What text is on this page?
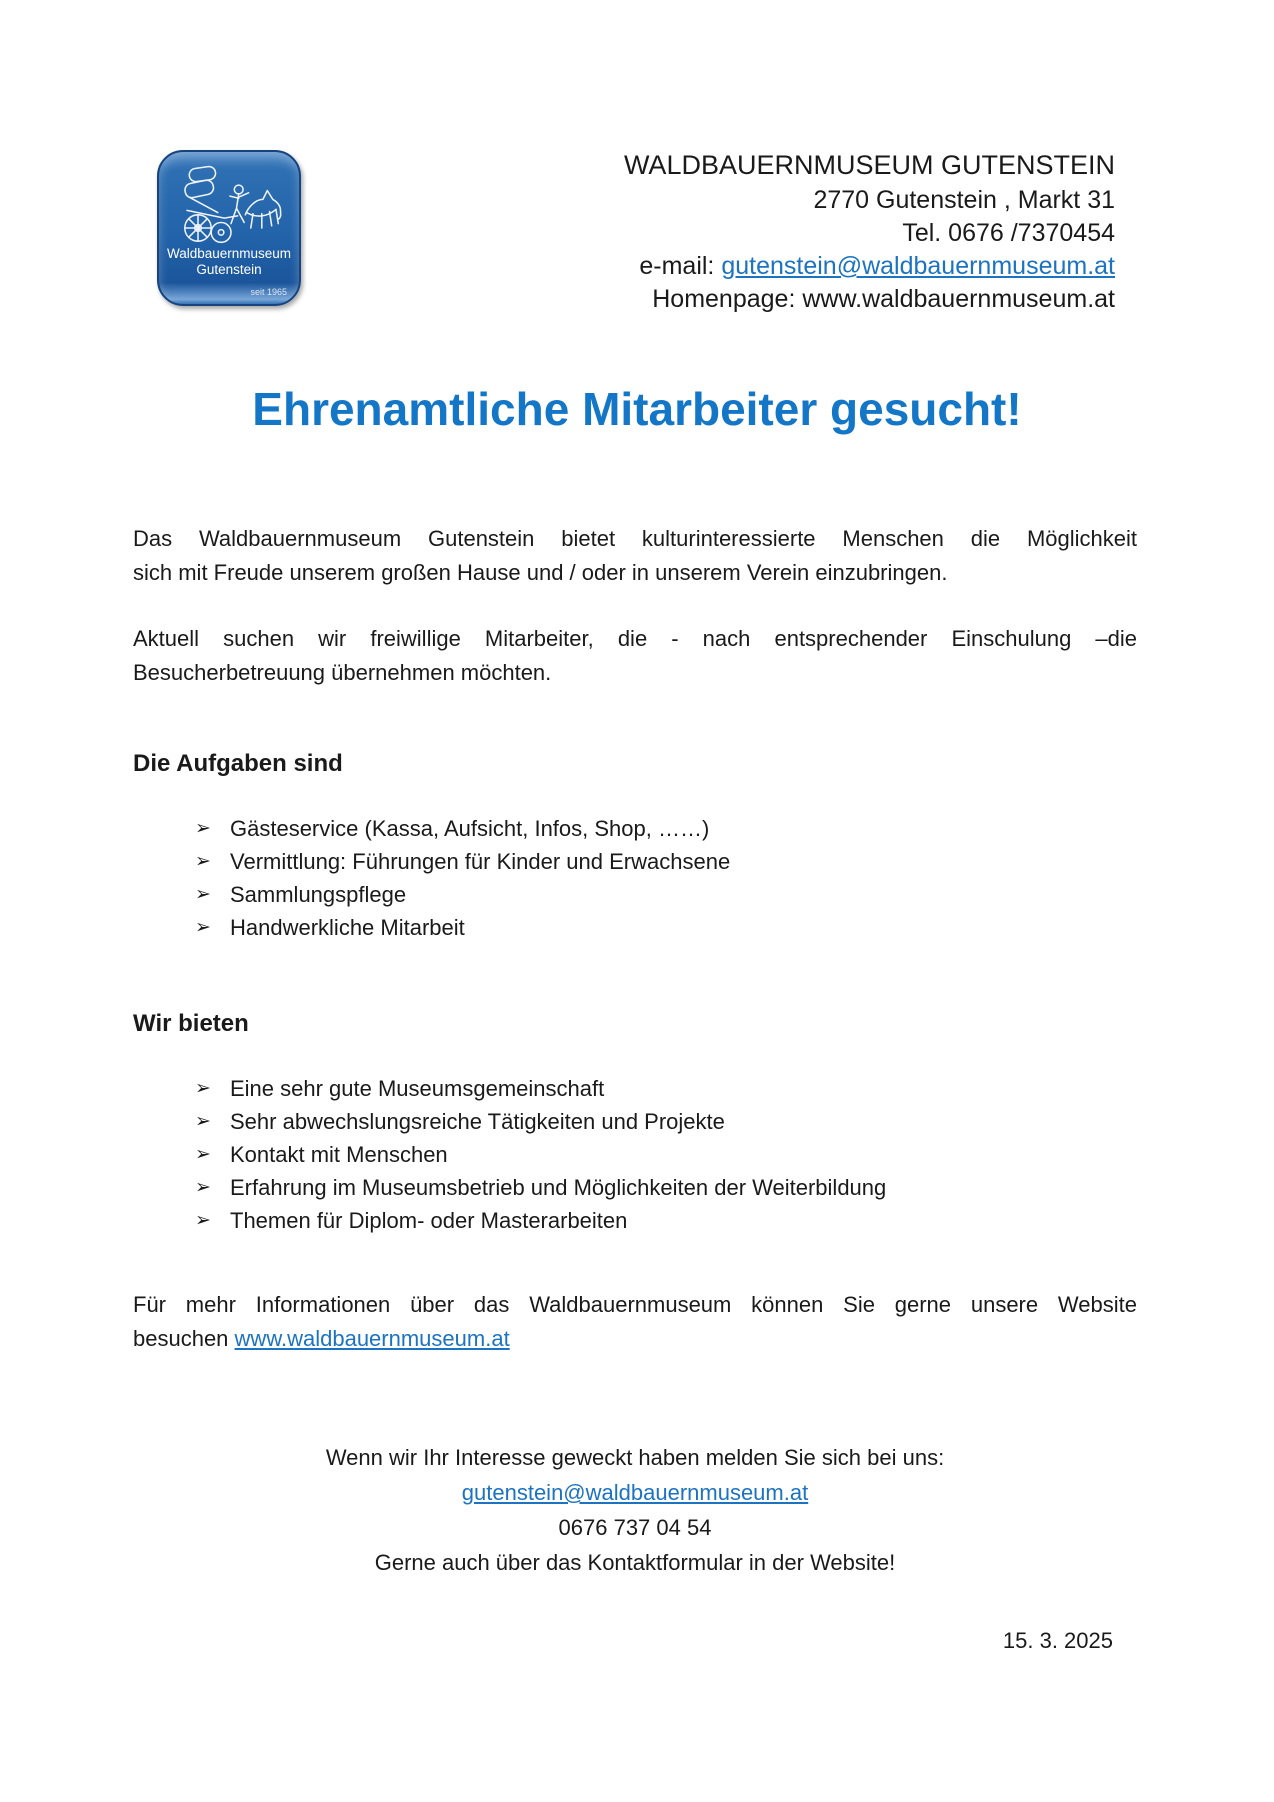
Waldbauernmuseum
Gutenstein
seit 1965
WALDBAUERNMUSEUM GUTENSTEIN
2770 Gutenstein , Markt 31
Tel. 0676 /7370454
e-mail: gutenstein@waldbauernmuseum.at
Homenpage: www.waldbauernmuseum.at
Ehrenamtliche Mitarbeiter gesucht!
Das Waldbauernmuseum Gutenstein bietet kulturinteressierte Menschen die Möglichkeit
sich mit Freude unserem großen Hause und / oder in unserem Verein einzubringen.
Aktuell suchen wir freiwillige Mitarbeiter, die - nach entsprechender Einschulung –die
Besucherbetreuung übernehmen möchten.
Die Aufgaben sind
➢ Gästeservice (Kassa, Aufsicht, Infos, Shop, ……)
➢ Vermittlung: Führungen für Kinder und Erwachsene
➢ Sammlungspflege
➢ Handwerkliche Mitarbeit
Wir bieten
➢ Eine sehr gute Museumsgemeinschaft
➢ Sehr abwechslungsreiche Tätigkeiten und Projekte
➢ Kontakt mit Menschen
➢ Erfahrung im Museumsbetrieb und Möglichkeiten der Weiterbildung
➢ Themen für Diplom- oder Masterarbeiten
Für mehr Informationen über das Waldbauernmuseum können Sie gerne unsere Website
besuchen www.waldbauernmuseum.at
Wenn wir Ihr Interesse geweckt haben melden Sie sich bei uns:
gutenstein@waldbauernmuseum.at
0676 737 04 54
Gerne auch über das Kontaktformular in der Website!
15. 3. 2025
